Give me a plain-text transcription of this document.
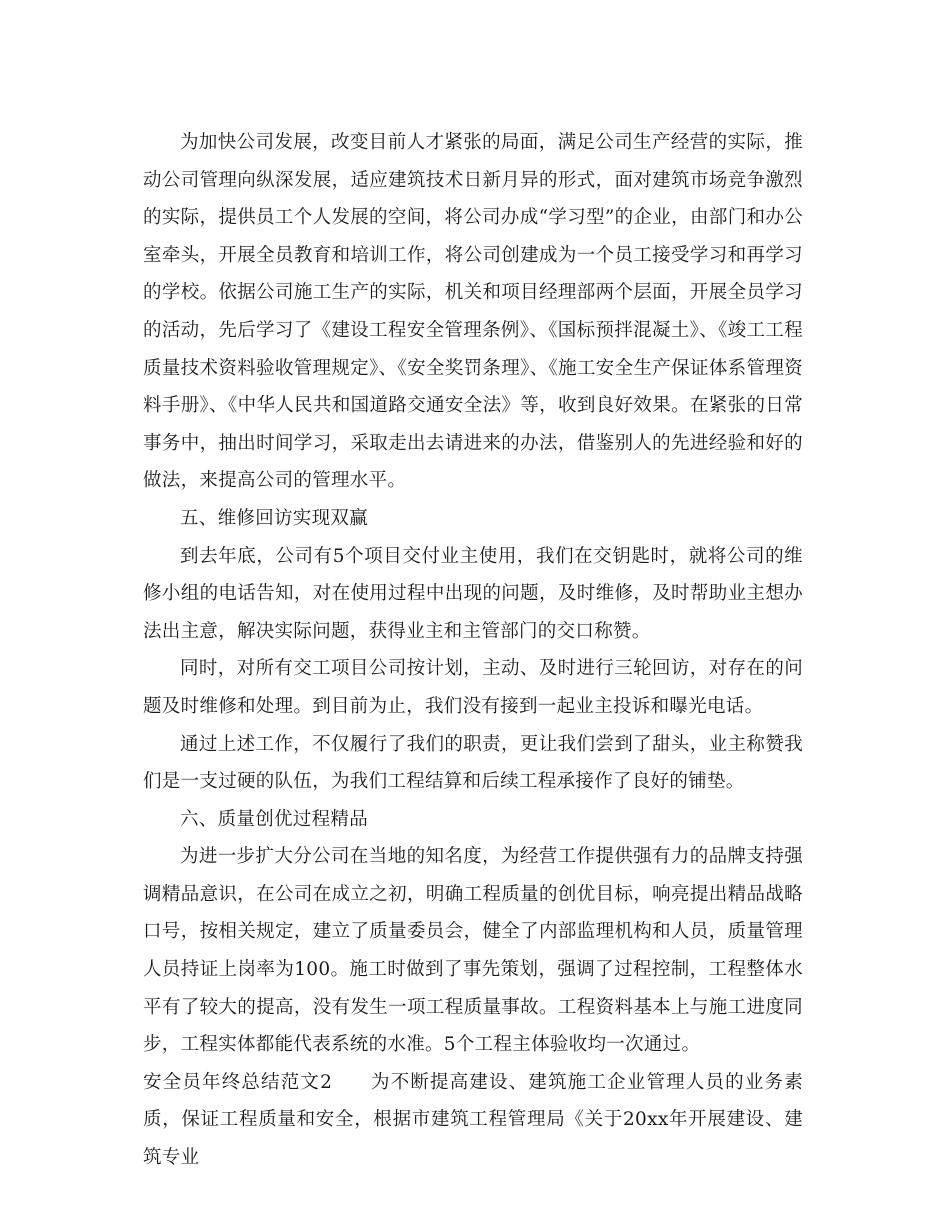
为加快公司发展，改变目前人才紧张的局面，满足公司生产经营的实际，推动公司管理向纵深发展，适应建筑技术日新月异的形式，面对建筑市场竞争激烈的实际，提供员工个人发展的空间，将公司办成“学习型”的企业，由部门和办公室牵头，开展全员教育和培训工作，将公司创建成为一个员工接受学习和再学习的学校。依据公司施工生产的实际，机关和项目经理部两个层面，开展全员学习的活动，先后学习了《建设工程安全管理条例》、《国标预拌混凝土》、《竣工工程质量技术资料验收管理规定》、《安全奖罚条理》、《施工安全生产保证体系管理资料手册》、《中华人民共和国道路交通安全法》等，收到良好效果。在紧张的日常事务中，抽出时间学习，采取走出去请进来的办法，借鉴别人的先进经验和好的做法，来提高公司的管理水平。

五、维修回访实现双赢

到去年底，公司有5个项目交付业主使用，我们在交钥匙时，就将公司的维修小组的电话告知，对在使用过程中出现的问题，及时维修，及时帮助业主想办法出主意，解决实际问题，获得业主和主管部门的交口称赞。

同时，对所有交工项目公司按计划，主动、及时进行三轮回访，对存在的问题及时维修和处理。到目前为止，我们没有接到一起业主投诉和曝光电话。

通过上述工作，不仅履行了我们的职责，更让我们尝到了甜头，业主称赞我们是一支过硬的队伍，为我们工程结算和后续工程承接作了良好的铺垫。

六、质量创优过程精品

为进一步扩大分公司在当地的知名度，为经营工作提供强有力的品牌支持强调精品意识，在公司在成立之初，明确工程质量的创优目标，响亮提出精品战略口号，按相关规定，建立了质量委员会，健全了内部监理机构和人员，质量管理人员持证上岗率为100。施工时做到了事先策划，强调了过程控制，工程整体水平有了较大的提高，没有发生一项工程质量事故。工程资料基本上与施工进度同步，工程实体都能代表系统的水准。5个工程主体验收均一次通过。

安全员年终总结范文2 为不断提高建设、建筑施工企业管理人员的业务素质，保证工程质量和安全，根据市建筑工程管理局《关于20xx年开展建设、建筑专业
